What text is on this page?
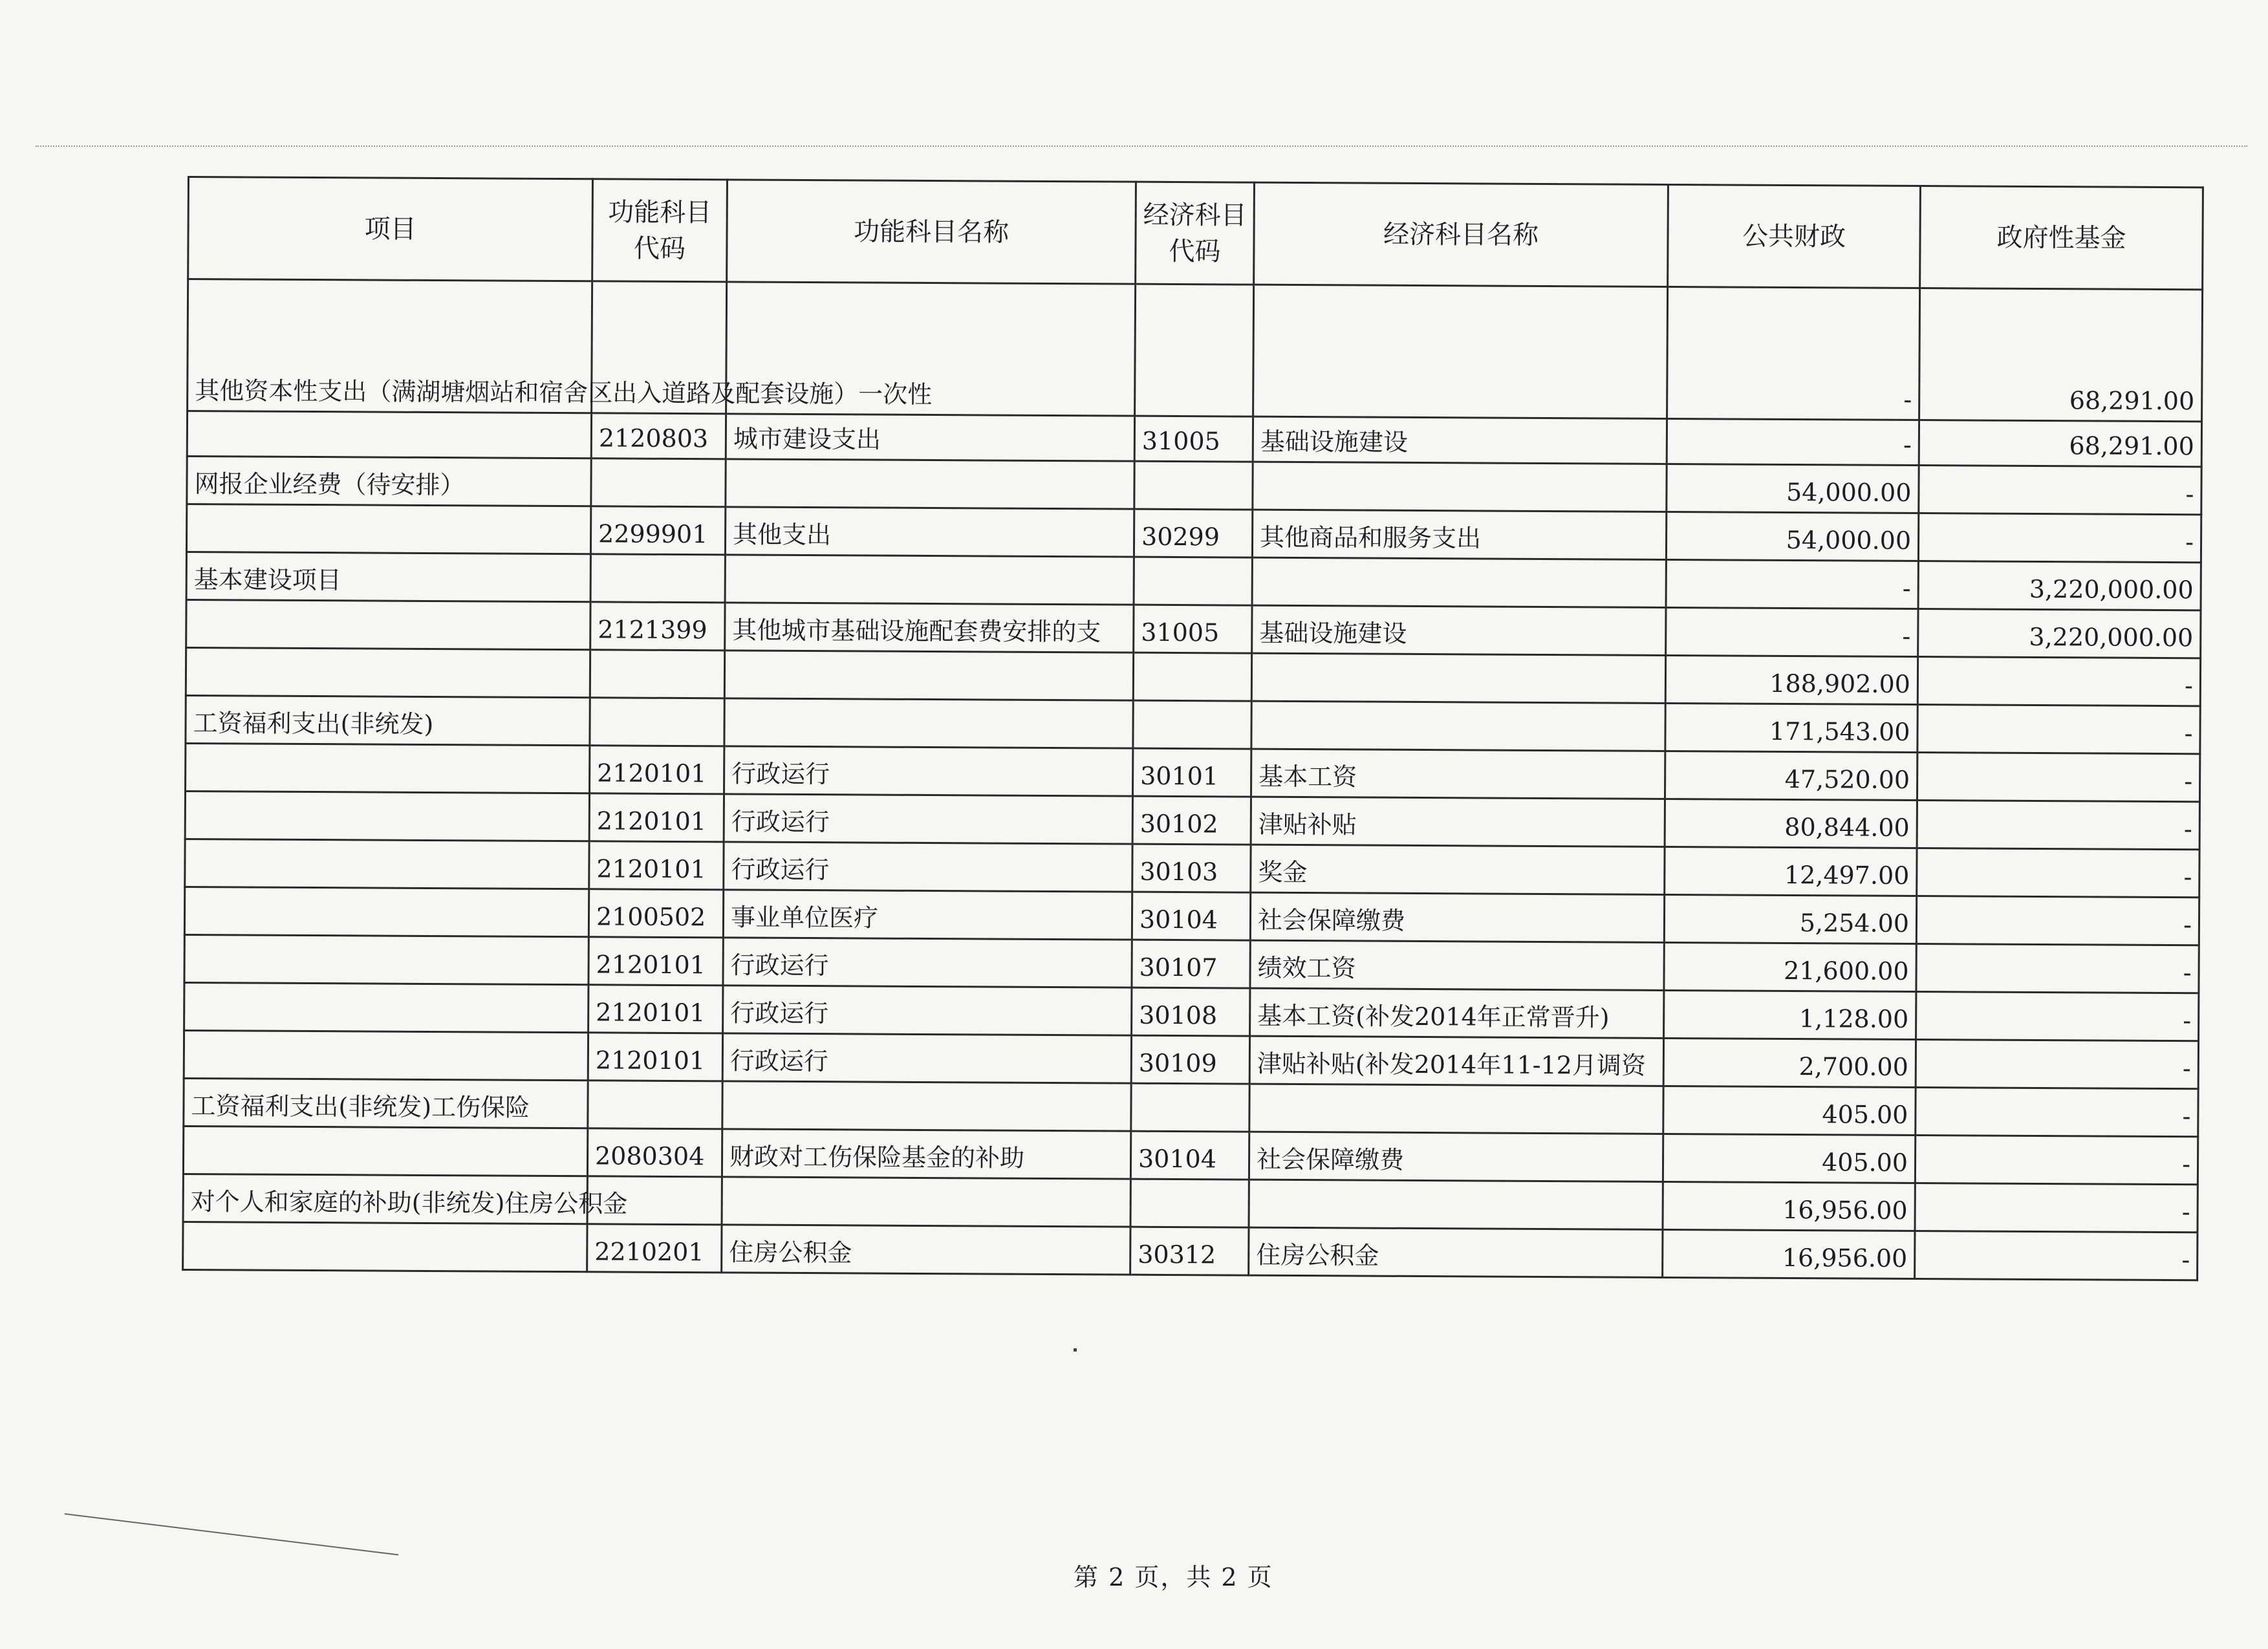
项目	功能科目代码	功能科目名称	经济科目代码	经济科目名称	公共财政	政府性基金
其他资本性支出（满湖塘烟站和宿舍区出入道路及配套设施）一次性					-	68,291.00
	2120803	城市建设支出	31005	基础设施建设	-	68,291.00
网报企业经费（待安排）					54,000.00	-
	2299901	其他支出	30299	其他商品和服务支出	54,000.00	-
基本建设项目					-	3,220,000.00
	2121399	其他城市基础设施配套费安排的支	31005	基础设施建设	-	3,220,000.00
					188,902.00	-
工资福利支出(非统发)					171,543.00	-
	2120101	行政运行	30101	基本工资	47,520.00	-
	2120101	行政运行	30102	津贴补贴	80,844.00	-
	2120101	行政运行	30103	奖金	12,497.00	-
	2100502	事业单位医疗	30104	社会保障缴费	5,254.00	-
	2120101	行政运行	30107	绩效工资	21,600.00	-
	2120101	行政运行	30108	基本工资(补发2014年正常晋升)	1,128.00	-
	2120101	行政运行	30109	津贴补贴(补发2014年11-12月调资	2,700.00	-
工资福利支出(非统发)工伤保险					405.00	-
	2080304	财政对工伤保险基金的补助	30104	社会保障缴费	405.00	-
对个人和家庭的补助(非统发)住房公积金					16,956.00	-
	2210201	住房公积金	30312	住房公积金	16,956.00	-
第 2 页，共 2 页
